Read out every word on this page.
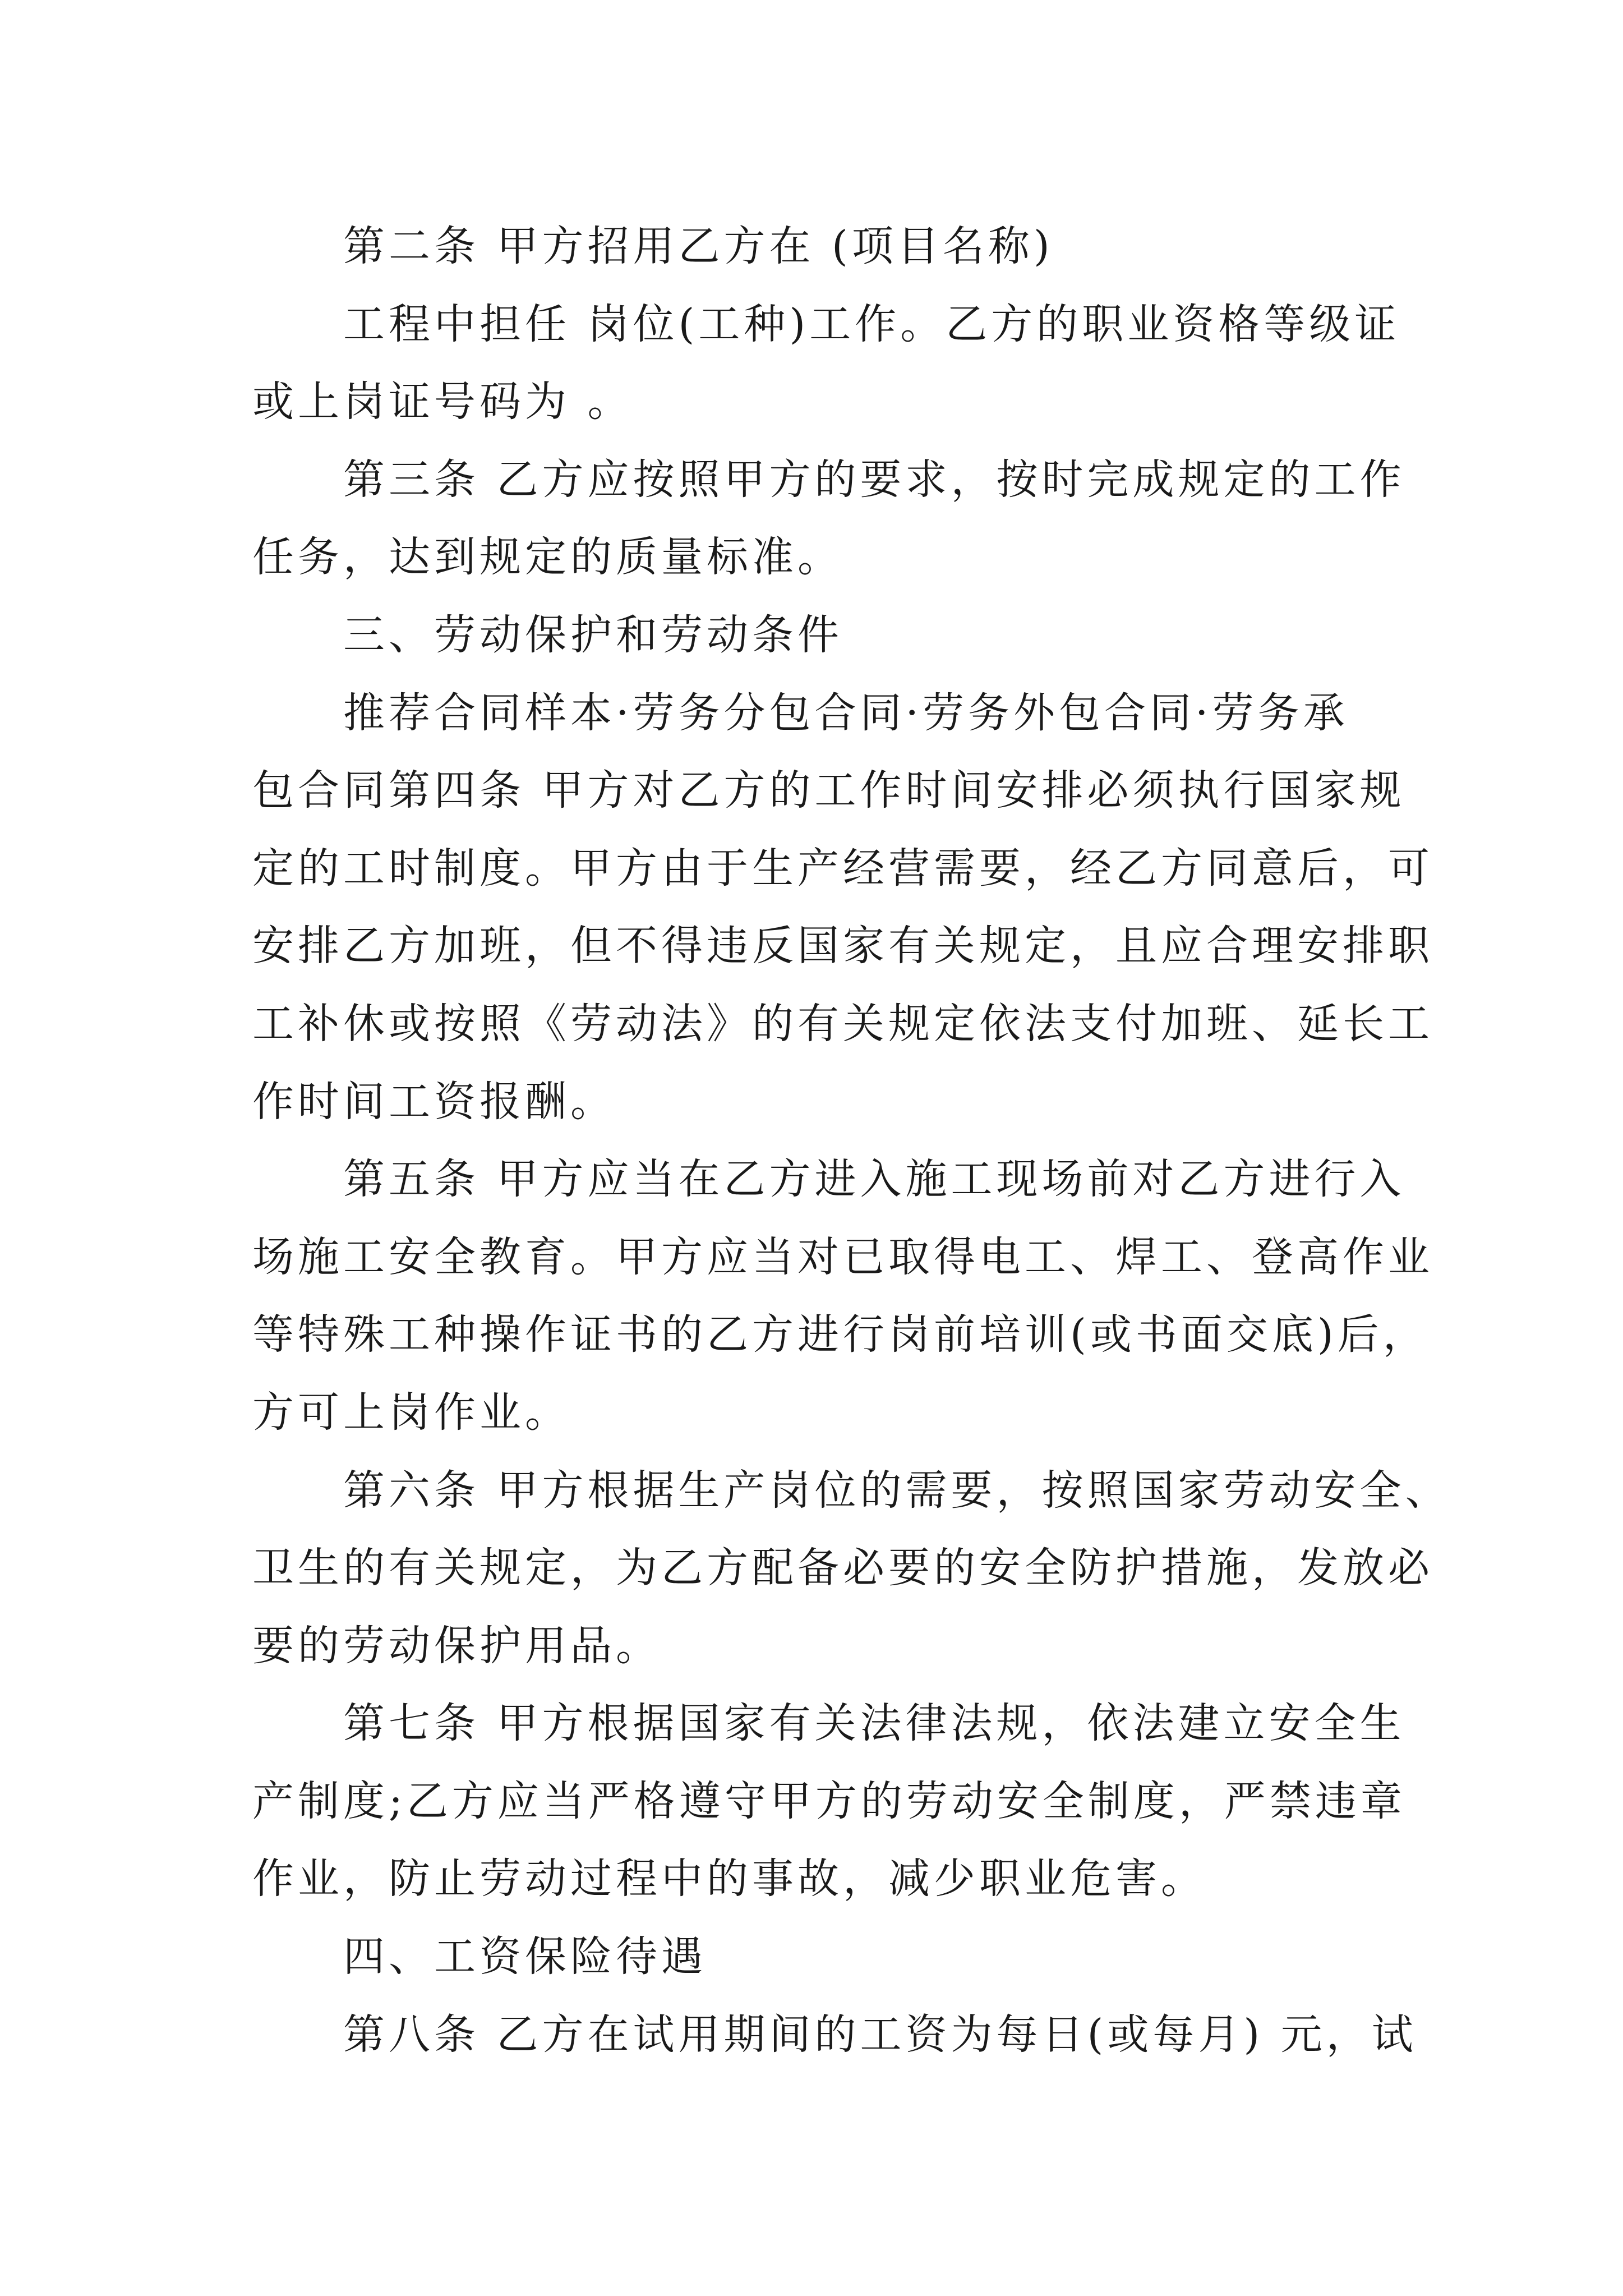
第二条 甲方招用乙方在 (项目名称)
工程中担任 岗位(工种)工作。乙方的职业资格等级证
或上岗证号码为 。
第三条 乙方应按照甲方的要求，按时完成规定的工作
任务，达到规定的质量标准。
三、劳动保护和劳动条件
推荐合同样本·劳务分包合同·劳务外包合同·劳务承
包合同第四条 甲方对乙方的工作时间安排必须执行国家规
定的工时制度。甲方由于生产经营需要，经乙方同意后，可
安排乙方加班，但不得违反国家有关规定，且应合理安排职
工补休或按照《劳动法》的有关规定依法支付加班、延长工
作时间工资报酬。
第五条 甲方应当在乙方进入施工现场前对乙方进行入
场施工安全教育。甲方应当对已取得电工、焊工、登高作业
等特殊工种操作证书的乙方进行岗前培训(或书面交底)后，
方可上岗作业。
第六条 甲方根据生产岗位的需要，按照国家劳动安全、
卫生的有关规定，为乙方配备必要的安全防护措施，发放必
要的劳动保护用品。
第七条 甲方根据国家有关法律法规，依法建立安全生
产制度;乙方应当严格遵守甲方的劳动安全制度，严禁违章
作业，防止劳动过程中的事故，减少职业危害。
四、工资保险待遇
第八条 乙方在试用期间的工资为每日(或每月) 元，试
